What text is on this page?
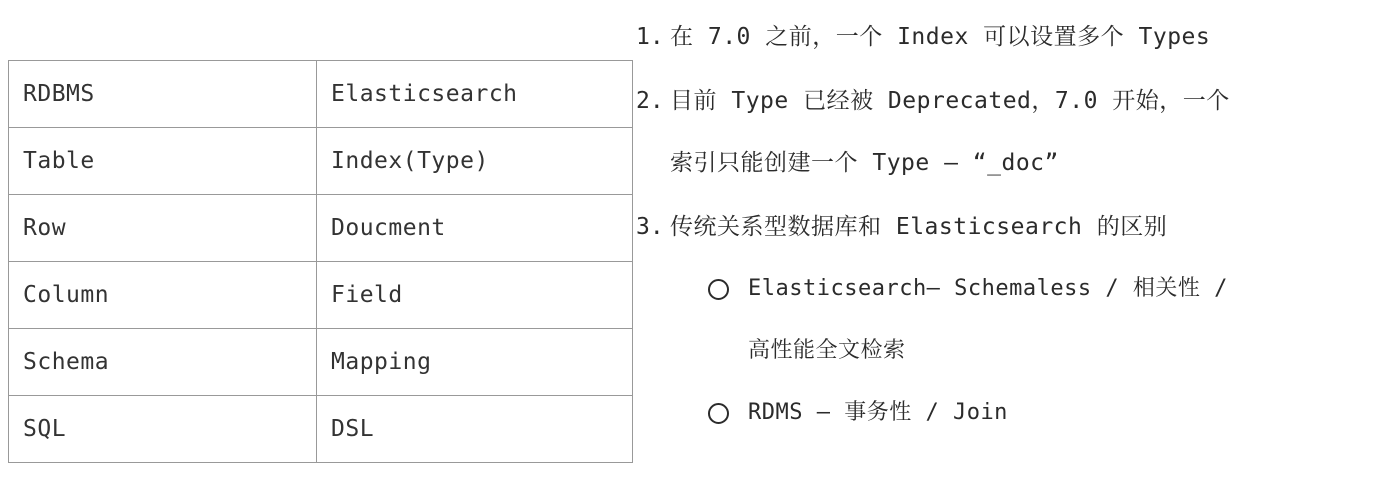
RDBMS	Elasticsearch
Table	Index(Type)
Row	Doucment
Column	Field
Schema	Mapping
SQL	DSL
1. 在 7.0 之前，一个 Index 可以设置多个 Types
2. 目前 Type 已经被 Deprecated，7.0 开始，一个
索引只能创建一个 Type – “_doc”
3. 传统关系型数据库和 Elasticsearch 的区别
Elasticsearch– Schemaless / 相关性 /
高性能全文检索
RDMS – 事务性 / Join
